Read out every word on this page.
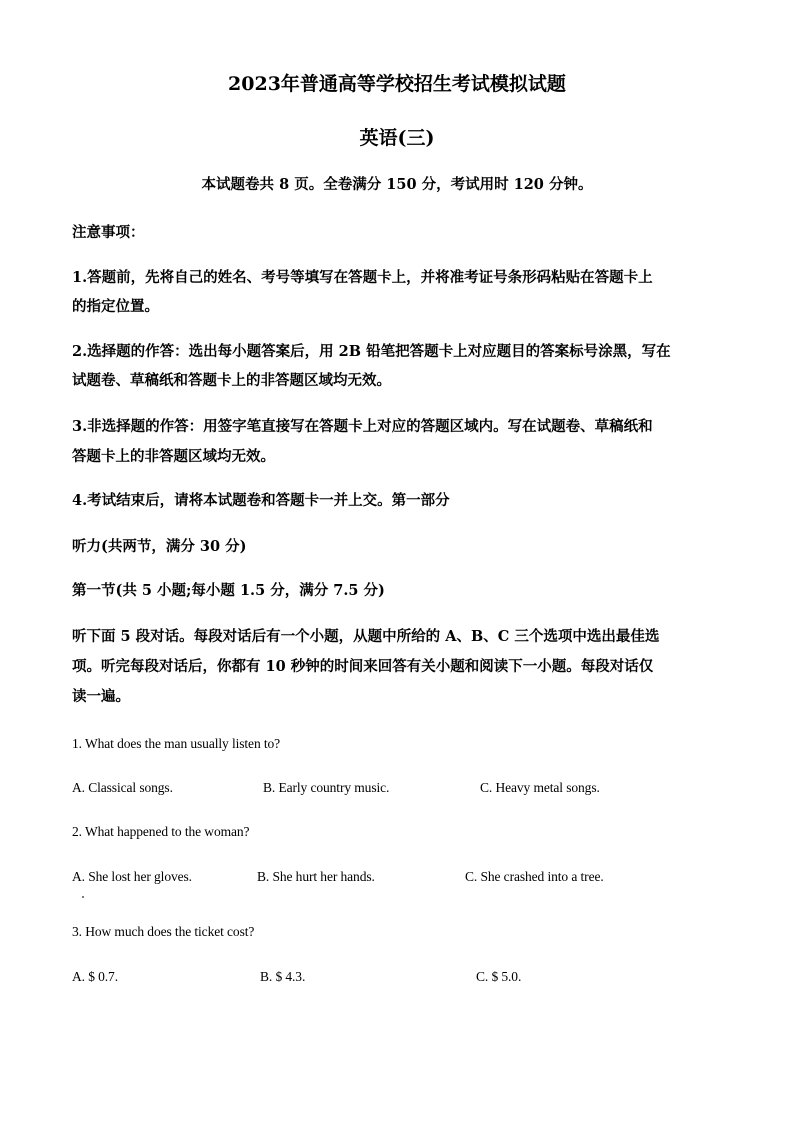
2023年普通高等学校招生考试模拟试题
英语(三)
本试题卷共 8 页。全卷满分 150 分，考试用时 120 分钟。
注意事项：
1.答题前，先将自己的姓名、考号等填写在答题卡上，并将准考证号条形码粘贴在答题卡上
的指定位置。
2.选择题的作答：选出每小题答案后，用 2B 铅笔把答题卡上对应题目的答案标号涂黑，写在
试题卷、草稿纸和答题卡上的非答题区域均无效。
3.非选择题的作答：用签字笔直接写在答题卡上对应的答题区域内。写在试题卷、草稿纸和
答题卡上的非答题区域均无效。
4.考试结束后，请将本试题卷和答题卡一并上交。第一部分
听力(共两节，满分 30 分)
第一节(共 5 小题;每小题 1.5 分，满分 7.5 分)
听下面 5 段对话。每段对话后有一个小题，从题中所给的 A、B、C 三个选项中选出最佳选
项。听完每段对话后，你都有 10 秒钟的时间来回答有关小题和阅读下一小题。每段对话仅
读一遍。
1. What does the man usually listen to?
A. Classical songs.	B. Early country music.	C. Heavy metal songs.
2. What happened to the woman?
A. She lost her gloves.	B. She hurt her hands.	C. She crashed into a tree.
3. How much does the ticket cost?
A. $ 0.7.	B. $ 4.3.	C. $ 5.0.
